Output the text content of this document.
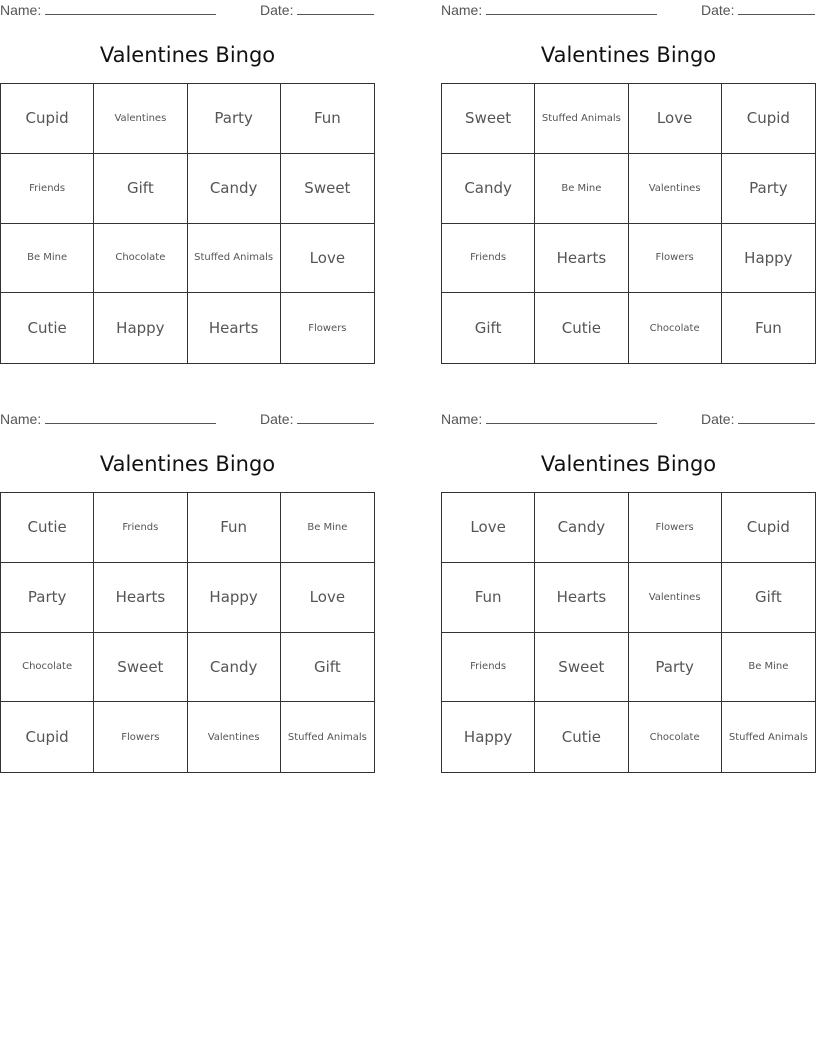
Name:	Date:
Valentines Bingo
Cupid	Valentines	Party	Fun
Friends	Gift	Candy	Sweet
Be Mine	Chocolate	Stuffed Animals	Love
Cutie	Happy	Hearts	Flowers
Name:	Date:
Valentines Bingo
Sweet	Stuffed Animals	Love	Cupid
Candy	Be Mine	Valentines	Party
Friends	Hearts	Flowers	Happy
Gift	Cutie	Chocolate	Fun
Name:	Date:
Valentines Bingo
Cutie	Friends	Fun	Be Mine
Party	Hearts	Happy	Love
Chocolate	Sweet	Candy	Gift
Cupid	Flowers	Valentines	Stuffed Animals
Name:	Date:
Valentines Bingo
Love	Candy	Flowers	Cupid
Fun	Hearts	Valentines	Gift
Friends	Sweet	Party	Be Mine
Happy	Cutie	Chocolate	Stuffed Animals
